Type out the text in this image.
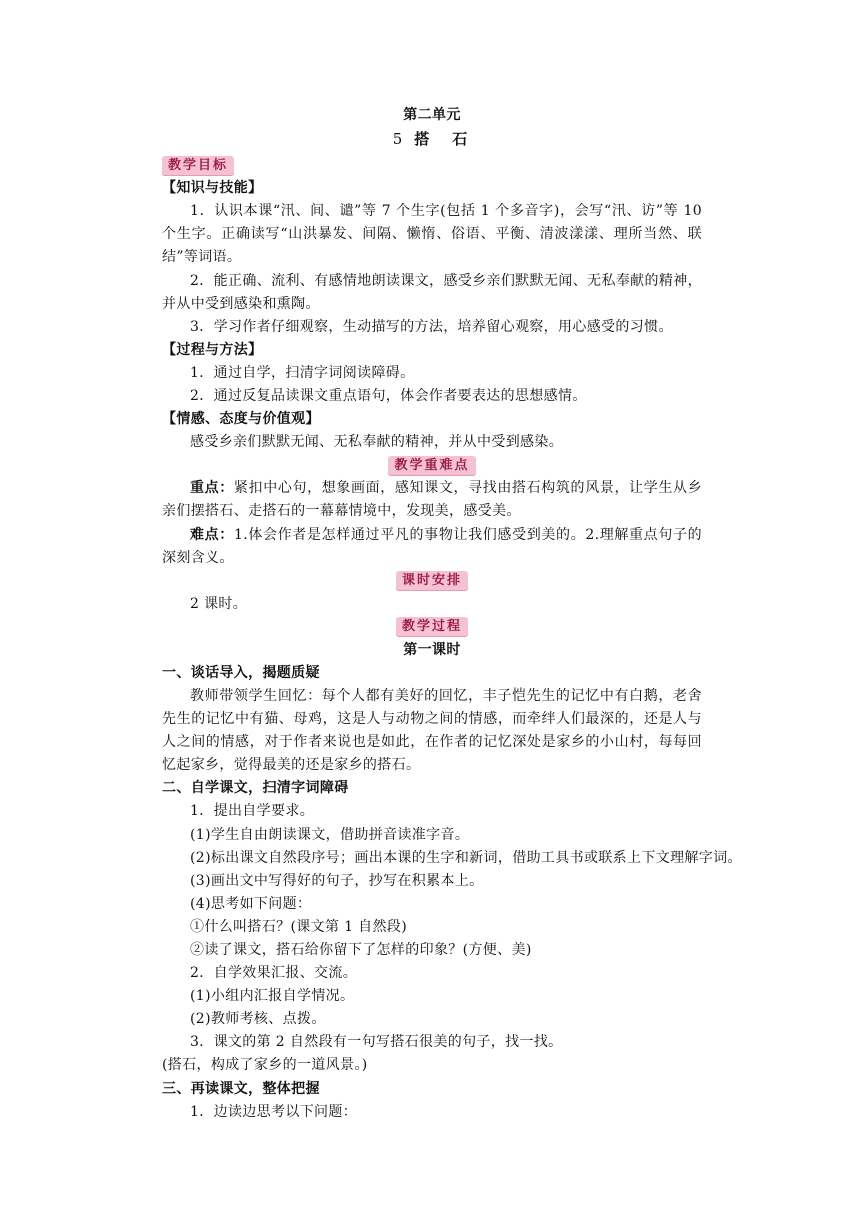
第二单元
5 搭　石
教学目标
【知识与技能】
1．认识本课“汛、间、谴”等 7 个生字(包括 1 个多音字)，会写“汛、访”等 10 个生字。正确读写“山洪暴发、间隔、懒惰、俗语、平衡、清波漾漾、理所当然、联结”等词语。
2．能正确、流利、有感情地朗读课文，感受乡亲们默默无闻、无私奉献的精神，并从中受到感染和熏陶。
3．学习作者仔细观察，生动描写的方法，培养留心观察，用心感受的习惯。
【过程与方法】
1．通过自学，扫清字词阅读障碍。
2．通过反复品读课文重点语句，体会作者要表达的思想感情。
【情感、态度与价值观】
感受乡亲们默默无闻、无私奉献的精神，并从中受到感染。
教学重难点
重点：紧扣中心句，想象画面，感知课文，寻找由搭石构筑的风景，让学生从乡亲们摆搭石、走搭石的一幕幕情境中，发现美，感受美。
难点：1.体会作者是怎样通过平凡的事物让我们感受到美的。2.理解重点句子的深刻含义。
课时安排
2 课时。
教学过程
第一课时
一、谈话导入，揭题质疑
教师带领学生回忆：每个人都有美好的回忆，丰子恺先生的记忆中有白鹅，老舍先生的记忆中有猫、母鸡，这是人与动物之间的情感，而牵绊人们最深的，还是人与人之间的情感，对于作者来说也是如此，在作者的记忆深处是家乡的小山村，每每回忆起家乡，觉得最美的还是家乡的搭石。
二、自学课文，扫清字词障碍
1．提出自学要求。
(1)学生自由朗读课文，借助拼音读准字音。
(2)标出课文自然段序号；画出本课的生字和新词，借助工具书或联系上下文理解字词。
(3)画出文中写得好的句子，抄写在积累本上。
(4)思考如下问题：
①什么叫搭石？(课文第 1 自然段)
②读了课文，搭石给你留下了怎样的印象？(方便、美)
2．自学效果汇报、交流。
(1)小组内汇报自学情况。
(2)教师考核、点拨。
3．课文的第 2 自然段有一句写搭石很美的句子，找一找。
(搭石，构成了家乡的一道风景。)
三、再读课文，整体把握
1．边读边思考以下问题：
